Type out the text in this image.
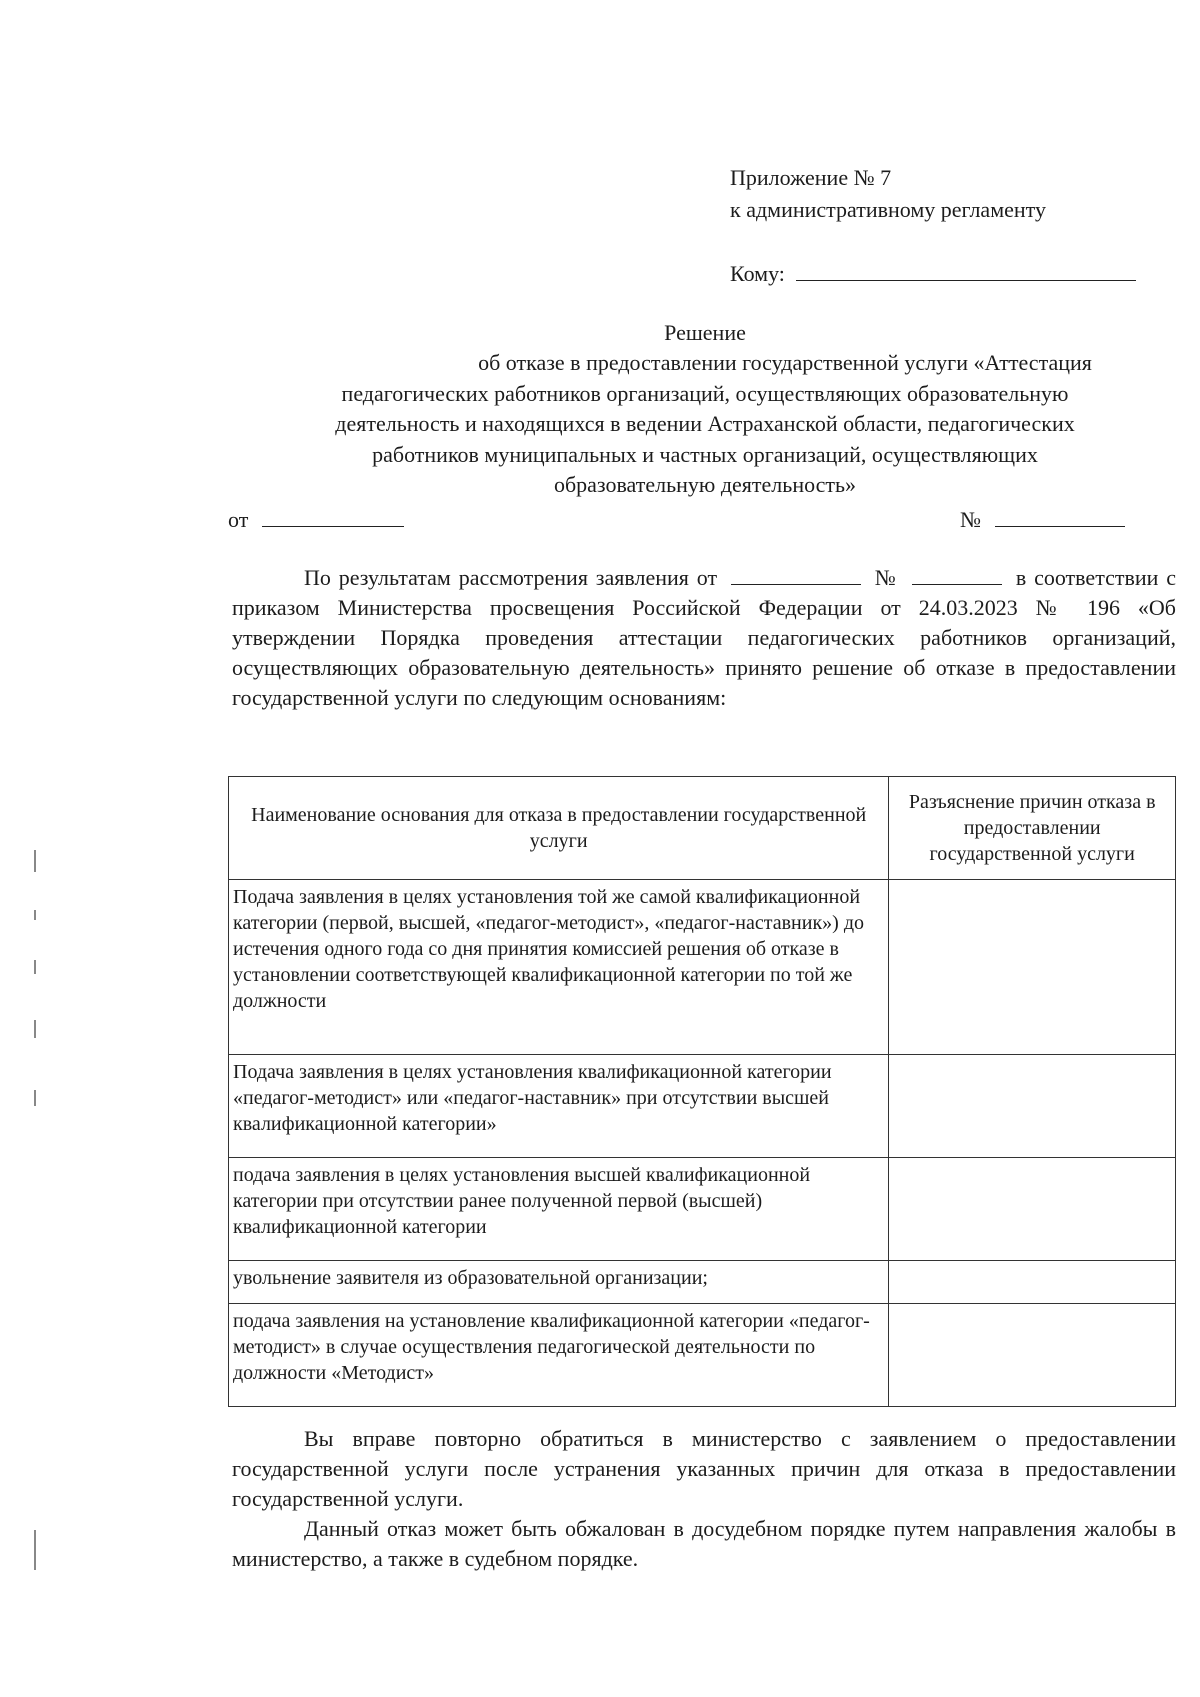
Приложение № 7
к административному регламенту
Кому:
Решение
об отказе в предоставлении государственной услуги «Аттестация
педагогических работников организаций, осуществляющих образовательную
деятельность и находящихся в ведении Астраханской области, педагогических
работников муниципальных и частных организаций, осуществляющих
образовательную деятельность»
от	№
По результатам рассмотрения заявления от	№	в соответствии с приказом Министерства просвещения Российской Федерации от 24.03.2023 № 196 «Об утверждении Порядка проведения аттестации педагогических работников организаций, осуществляющих образовательную деятельность» принято решение об отказе в предоставлении государственной услуги по следующим основаниям:
Наименование основания для отказа в предоставлении государственной услуги	Разъяснение причин отказа в предоставлении государственной услуги
Подача заявления в целях установления той же самой квалификационной категории (первой, высшей, «педагог-методист», «педагог-наставник») до истечения одного года со дня принятия комиссией решения об отказе в установлении соответствующей квалификационной категории по той же должности	
Подача заявления в целях установления квалификационной категории «педагог-методист» или «педагог-наставник» при отсутствии высшей квалификационной категории»	
подача заявления в целях установления высшей квалификационной категории при отсутствии ранее полученной первой (высшей) квалификационной категории	
увольнение заявителя из образовательной организации;	
подача заявления на установление квалификационной категории «педагог-методист» в случае осуществления педагогической деятельности по должности «Методист»	
Вы вправе повторно обратиться в министерство с заявлением о предоставлении государственной услуги после устранения указанных причин для отказа в предоставлении государственной услуги.
Данный отказ может быть обжалован в досудебном порядке путем направления жалобы в министерство, а также в судебном порядке.
